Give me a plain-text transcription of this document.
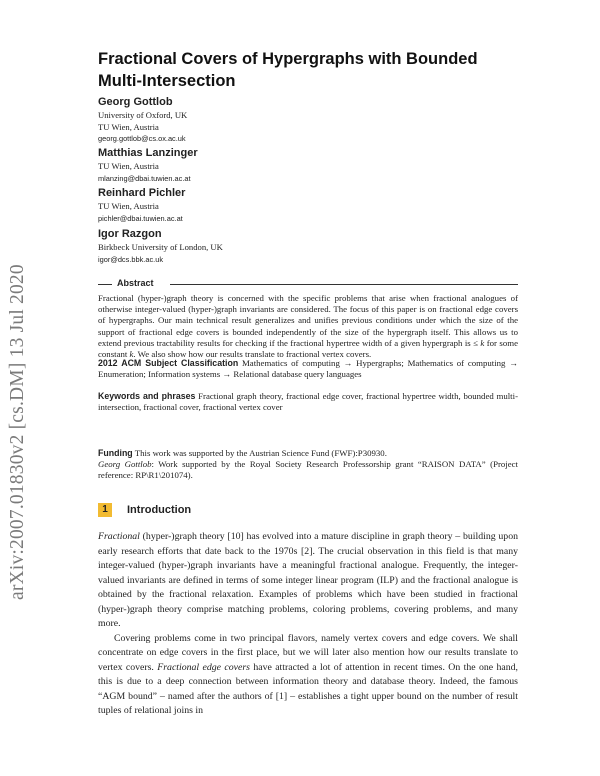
arXiv:2007.01830v2 [cs.DM] 13 Jul 2020
Fractional Covers of Hypergraphs with Bounded Multi-Intersection
Georg Gottlob
University of Oxford, UK
TU Wien, Austria
georg.gottlob@cs.ox.ac.uk
Matthias Lanzinger
TU Wien, Austria
mlanzing@dbai.tuwien.ac.at
Reinhard Pichler
TU Wien, Austria
pichler@dbai.tuwien.ac.at
Igor Razgon
Birkbeck University of London, UK
igor@dcs.bbk.ac.uk
Abstract
Fractional (hyper-)graph theory is concerned with the specific problems that arise when fractional analogues of otherwise integer-valued (hyper-)graph invariants are considered. The focus of this paper is on fractional edge covers of hypergraphs. Our main technical result generalizes and unifies previous conditions under which the size of the support of fractional edge covers is bounded independently of the size of the hypergraph itself. This allows us to extend previous tractability results for checking if the fractional hypertree width of a given hypergraph is ≤ k for some constant k. We also show how our results translate to fractional vertex covers.
2012 ACM Subject Classification Mathematics of computing → Hypergraphs; Mathematics of computing → Enumeration; Information systems → Relational database query languages
Keywords and phrases Fractional graph theory, fractional edge cover, fractional hypertree width, bounded multi-intersection, fractional cover, fractional vertex cover
Funding This work was supported by the Austrian Science Fund (FWF):P30930.
Georg Gottlob: Work supported by the Royal Society Research Professorship grant “RAISON DATA” (Project reference: RP\R1\201074).
1	Introduction

Fractional (hyper-)graph theory [10] has evolved into a mature discipline in graph theory – building upon early research efforts that date back to the 1970s [2]. The crucial observation in this field is that many integer-valued (hyper-)graph invariants have a meaningful fractional analogue. Frequently, the integer-valued invariants are defined in terms of some integer linear program (ILP) and the fractional analogue is obtained by the fractional relaxation. Examples of problems which have been studied in fractional (hyper-)graph theory comprise matching problems, coloring problems, covering problems, and many more.

Covering problems come in two principal flavors, namely vertex covers and edge covers. We shall concentrate on edge covers in the first place, but we will later also mention how our results translate to vertex covers. Fractional edge covers have attracted a lot of attention in recent times. On the one hand, this is due to a deep connection between information theory and database theory. Indeed, the famous “AGM bound” – named after the authors of [1] – establishes a tight upper bound on the number of result tuples of relational joins in
